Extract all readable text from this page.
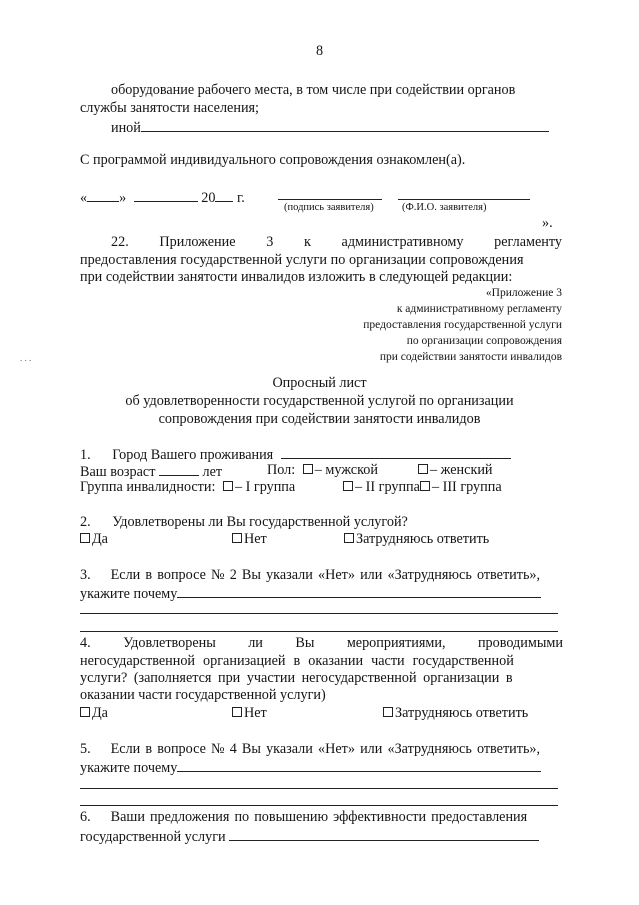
8
оборудование рабочего места, в том числе при содействии органов
службы занятости населения;
иной
С программой индивидуального сопровождения ознакомлен(а).
« »	20 г.
(подпись заявителя)	(Ф.И.О. заявителя)
».
22. Приложение 3 к административному регламенту
предоставления государственной услуги по организации сопровождения
при содействии занятости инвалидов изложить в следующей редакции:
«Приложение 3
к административному регламенту
предоставления государственной услуги
по организации сопровождения
при содействии занятости инвалидов
. . .
Опросный лист
об удовлетворенности государственной услугой по организации
сопровождения при содействии занятости инвалидов
1. Город Вашего проживания
Ваш возраст	лет	Пол: – мужской	– женский
Группа инвалидности: – I группа	– II группа – III группа
2. Удовлетворены ли Вы государственной услугой?
Да	Нет	Затрудняюсь ответить
3. Если в вопросе № 2 Вы указали «Нет» или «Затрудняюсь ответить»,
укажите почему
4. Удовлетворены ли Вы мероприятиями, проводимыми
негосударственной организацией в оказании части государственной
услуги? (заполняется при участии негосударственной организации в
оказании части государственной услуги)
Да	Нет	Затрудняюсь ответить
5. Если в вопросе № 4 Вы указали «Нет» или «Затрудняюсь ответить»,
укажите почему
6. Ваши предложения по повышению эффективности предоставления
государственной услуги
